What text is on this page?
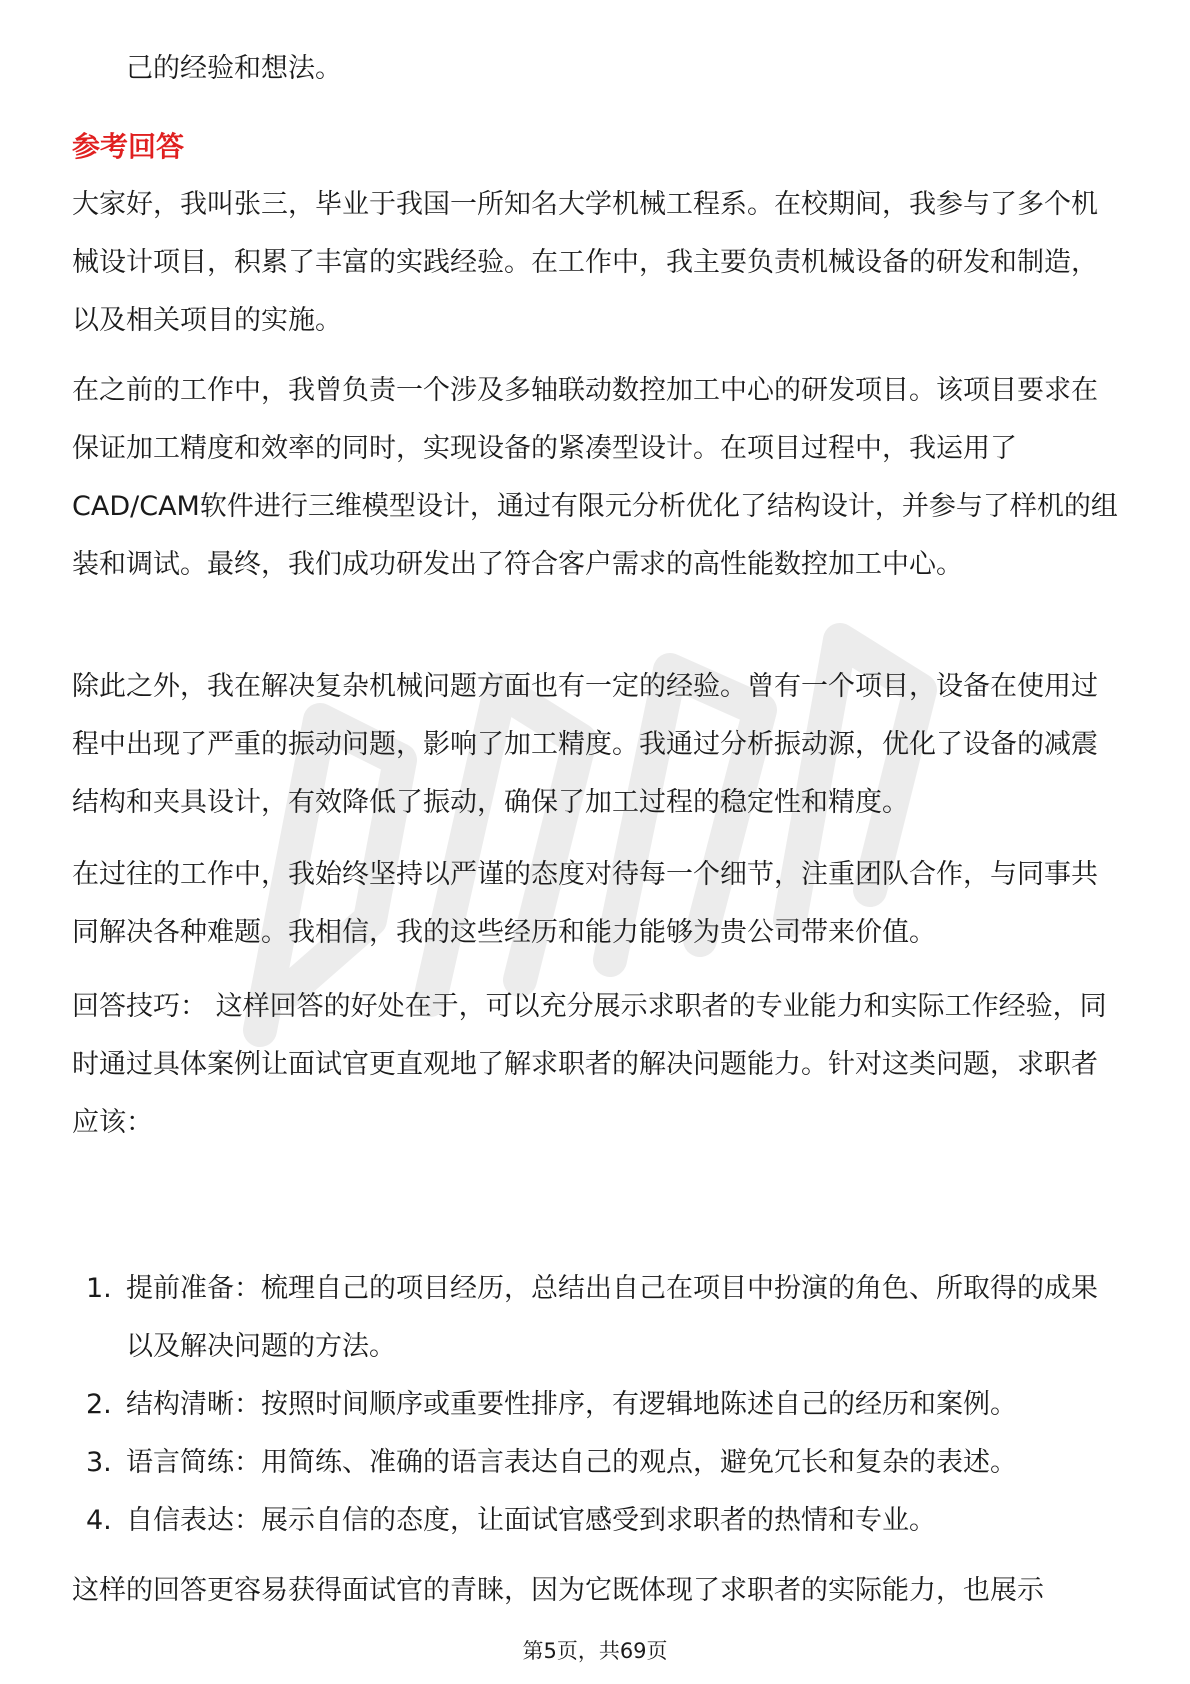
己的经验和想法。

参考回答

大家好，我叫张三，毕业于我国一所知名大学机械工程系。在校期间，我参与了多个机械设计项目，积累了丰富的实践经验。在工作中，我主要负责机械设备的研发和制造，以及相关项目的实施。

在之前的工作中，我曾负责一个涉及多轴联动数控加工中心的研发项目。该项目要求在保证加工精度和效率的同时，实现设备的紧凑型设计。在项目过程中，我运用了CAD/CAM软件进行三维模型设计，通过有限元分析优化了结构设计，并参与了样机的组装和调试。最终，我们成功研发出了符合客户需求的高性能数控加工中心。

除此之外，我在解决复杂机械问题方面也有一定的经验。曾有一个项目，设备在使用过程中出现了严重的振动问题，影响了加工精度。我通过分析振动源，优化了设备的减震结构和夹具设计，有效降低了振动，确保了加工过程的稳定性和精度。

在过往的工作中，我始终坚持以严谨的态度对待每一个细节，注重团队合作，与同事共同解决各种难题。我相信，我的这些经历和能力能够为贵公司带来价值。

回答技巧： 这样回答的好处在于，可以充分展示求职者的专业能力和实际工作经验，同时通过具体案例让面试官更直观地了解求职者的解决问题能力。针对这类问题，求职者应该：

1. 提前准备：梳理自己的项目经历，总结出自己在项目中扮演的角色、所取得的成果以及解决问题的方法。
2. 结构清晰：按照时间顺序或重要性排序，有逻辑地陈述自己的经历和案例。
3. 语言简练：用简练、准确的语言表达自己的观点，避免冗长和复杂的表述。
4. 自信表达：展示自信的态度，让面试官感受到求职者的热情和专业。

这样的回答更容易获得面试官的青睐，因为它既体现了求职者的实际能力，也展示

第5页，共69页
